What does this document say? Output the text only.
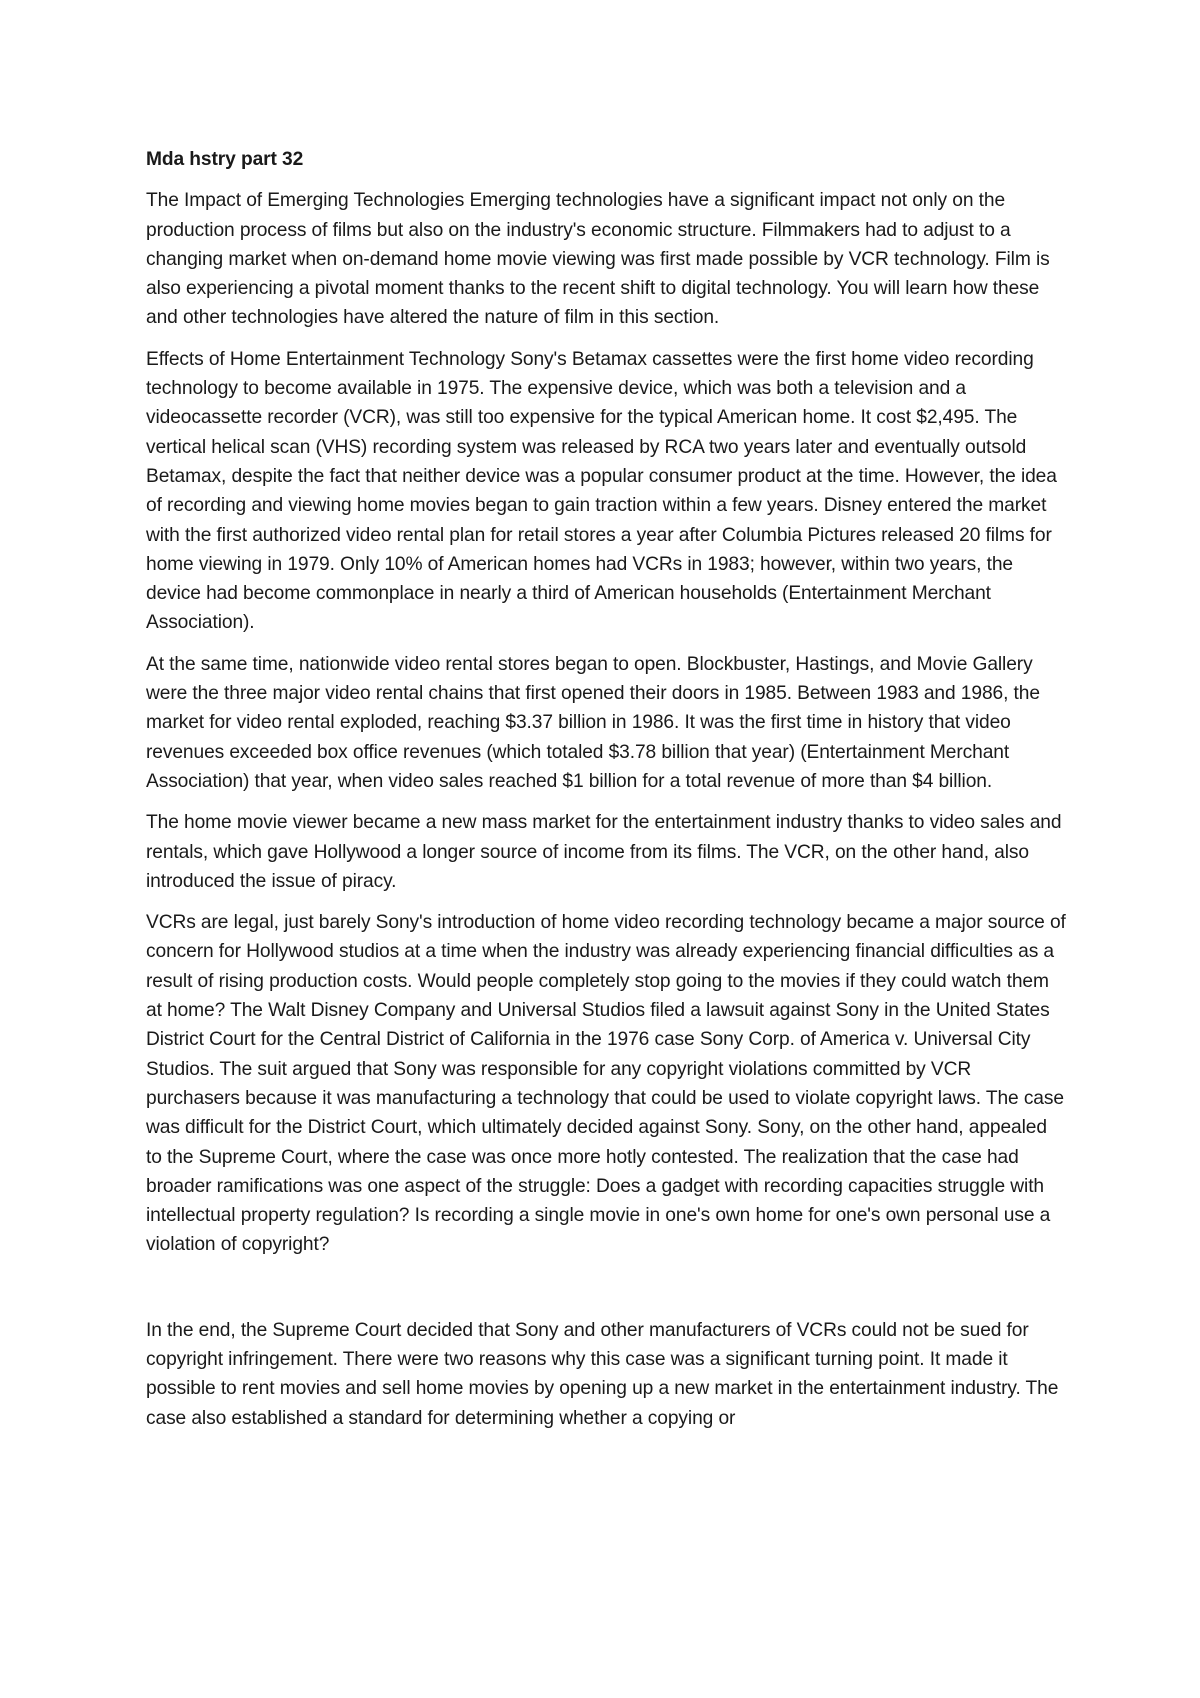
Mda hstry part 32

The Impact of Emerging Technologies Emerging technologies have a significant impact not only on the production process of films but also on the industry's economic structure. Filmmakers had to adjust to a changing market when on-demand home movie viewing was first made possible by VCR technology. Film is also experiencing a pivotal moment thanks to the recent shift to digital technology. You will learn how these and other technologies have altered the nature of film in this section.

Effects of Home Entertainment Technology Sony's Betamax cassettes were the first home video recording technology to become available in 1975. The expensive device, which was both a television and a videocassette recorder (VCR), was still too expensive for the typical American home. It cost $2,495. The vertical helical scan (VHS) recording system was released by RCA two years later and eventually outsold Betamax, despite the fact that neither device was a popular consumer product at the time. However, the idea of recording and viewing home movies began to gain traction within a few years. Disney entered the market with the first authorized video rental plan for retail stores a year after Columbia Pictures released 20 films for home viewing in 1979. Only 10% of American homes had VCRs in 1983; however, within two years, the device had become commonplace in nearly a third of American households (Entertainment Merchant Association).

At the same time, nationwide video rental stores began to open. Blockbuster, Hastings, and Movie Gallery were the three major video rental chains that first opened their doors in 1985. Between 1983 and 1986, the market for video rental exploded, reaching $3.37 billion in 1986. It was the first time in history that video revenues exceeded box office revenues (which totaled $3.78 billion that year) (Entertainment Merchant Association) that year, when video sales reached $1 billion for a total revenue of more than $4 billion.

The home movie viewer became a new mass market for the entertainment industry thanks to video sales and rentals, which gave Hollywood a longer source of income from its films. The VCR, on the other hand, also introduced the issue of piracy.

VCRs are legal, just barely Sony's introduction of home video recording technology became a major source of concern for Hollywood studios at a time when the industry was already experiencing financial difficulties as a result of rising production costs. Would people completely stop going to the movies if they could watch them at home? The Walt Disney Company and Universal Studios filed a lawsuit against Sony in the United States District Court for the Central District of California in the 1976 case Sony Corp. of America v. Universal City Studios. The suit argued that Sony was responsible for any copyright violations committed by VCR purchasers because it was manufacturing a technology that could be used to violate copyright laws. The case was difficult for the District Court, which ultimately decided against Sony. Sony, on the other hand, appealed to the Supreme Court, where the case was once more hotly contested. The realization that the case had broader ramifications was one aspect of the struggle: Does a gadget with recording capacities struggle with intellectual property regulation? Is recording a single movie in one's own home for one's own personal use a violation of copyright?

In the end, the Supreme Court decided that Sony and other manufacturers of VCRs could not be sued for copyright infringement. There were two reasons why this case was a significant turning point. It made it possible to rent movies and sell home movies by opening up a new market in the entertainment industry. The case also established a standard for determining whether a copying or
